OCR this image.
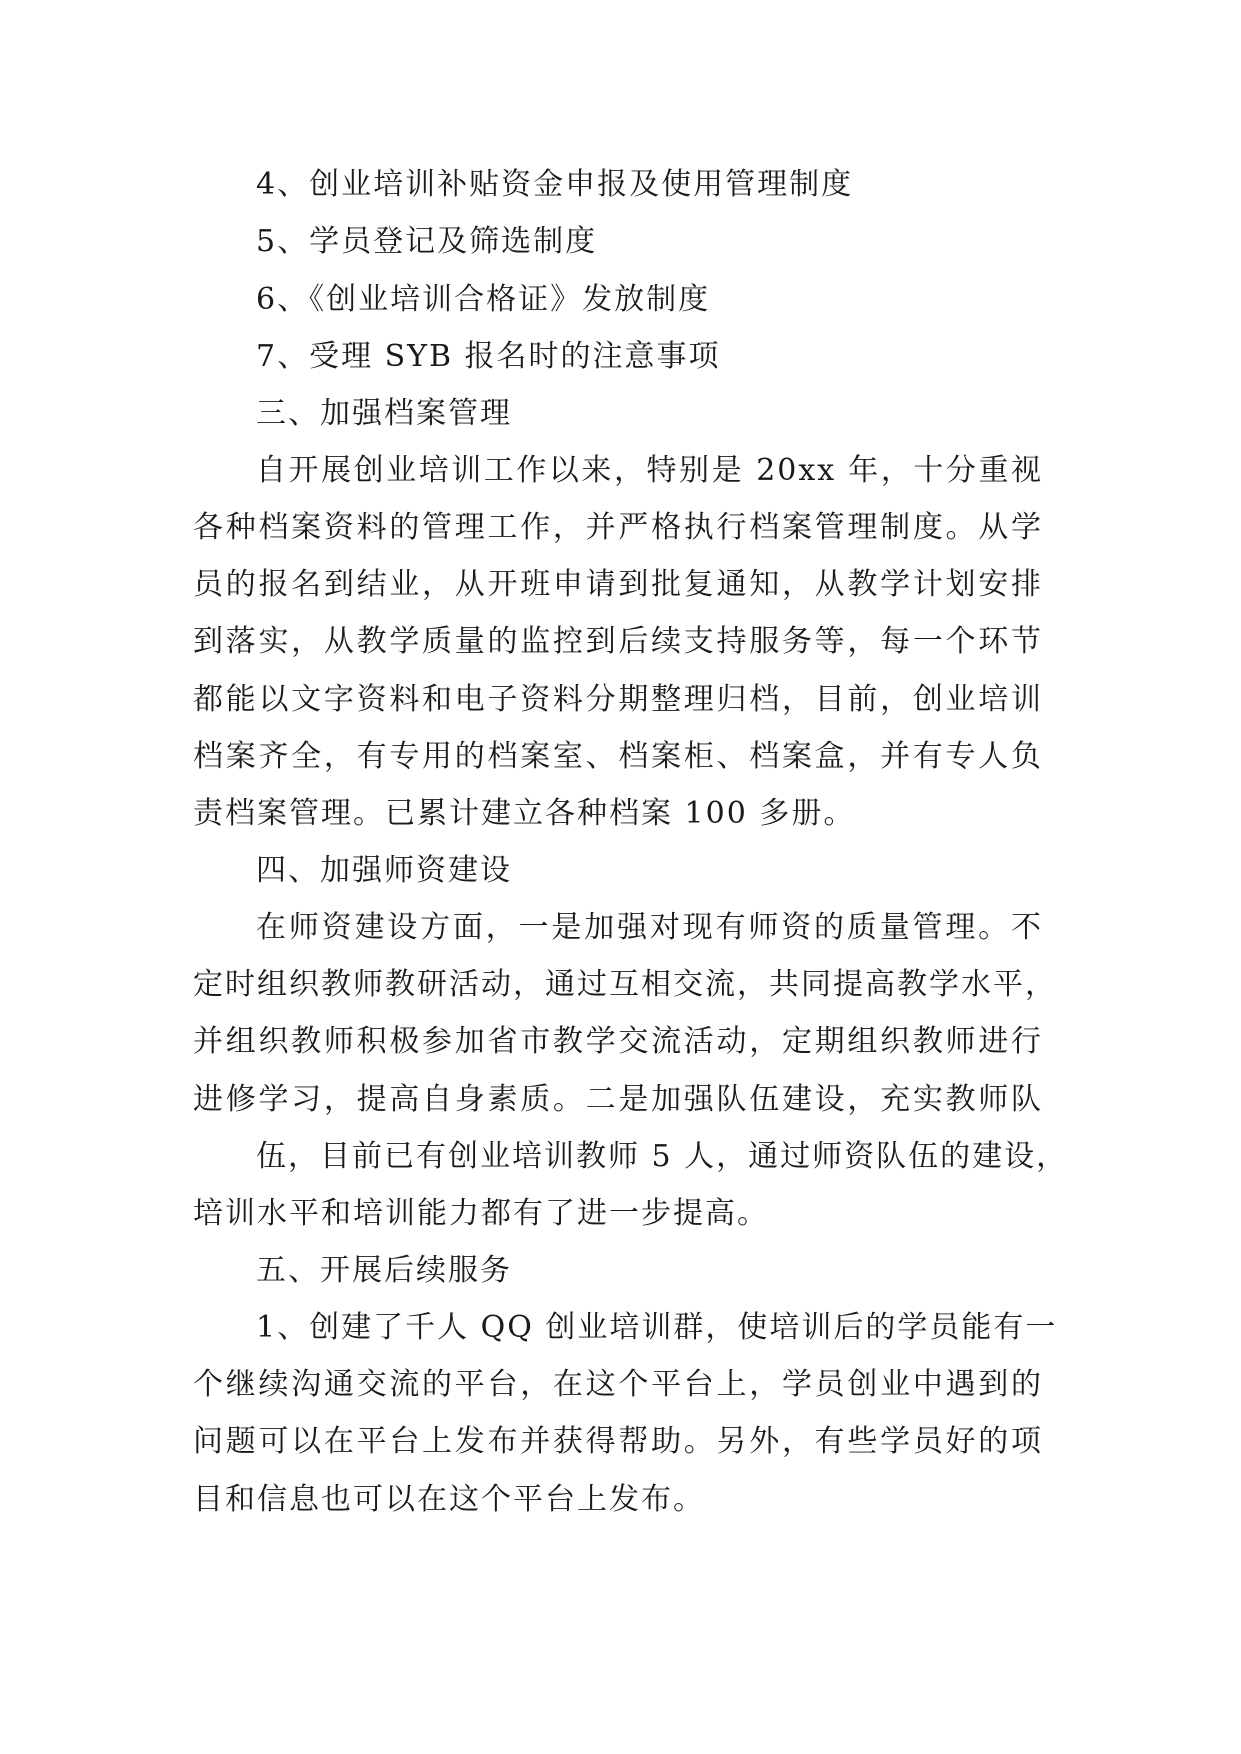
4、创业培训补贴资金申报及使用管理制度
5、学员登记及筛选制度
6、《创业培训合格证》发放制度
7、受理 SYB 报名时的注意事项
三、加强档案管理
自开展创业培训工作以来，特别是 20xx 年，十分重视
各种档案资料的管理工作，并严格执行档案管理制度。从学
员的报名到结业，从开班申请到批复通知，从教学计划安排
到落实，从教学质量的监控到后续支持服务等，每一个环节
都能以文字资料和电子资料分期整理归档，目前，创业培训
档案齐全，有专用的档案室、档案柜、档案盒，并有专人负
责档案管理。已累计建立各种档案 100 多册。
四、加强师资建设
在师资建设方面，一是加强对现有师资的质量管理。不
定时组织教师教研活动，通过互相交流，共同提高教学水平，
并组织教师积极参加省市教学交流活动，定期组织教师进行
进修学习，提高自身素质。二是加强队伍建设，充实教师队
伍，目前已有创业培训教师 5 人，通过师资队伍的建设，
培训水平和培训能力都有了进一步提高。
五、开展后续服务
1、创建了千人 QQ 创业培训群，使培训后的学员能有一
个继续沟通交流的平台，在这个平台上，学员创业中遇到的
问题可以在平台上发布并获得帮助。另外，有些学员好的项
目和信息也可以在这个平台上发布。
